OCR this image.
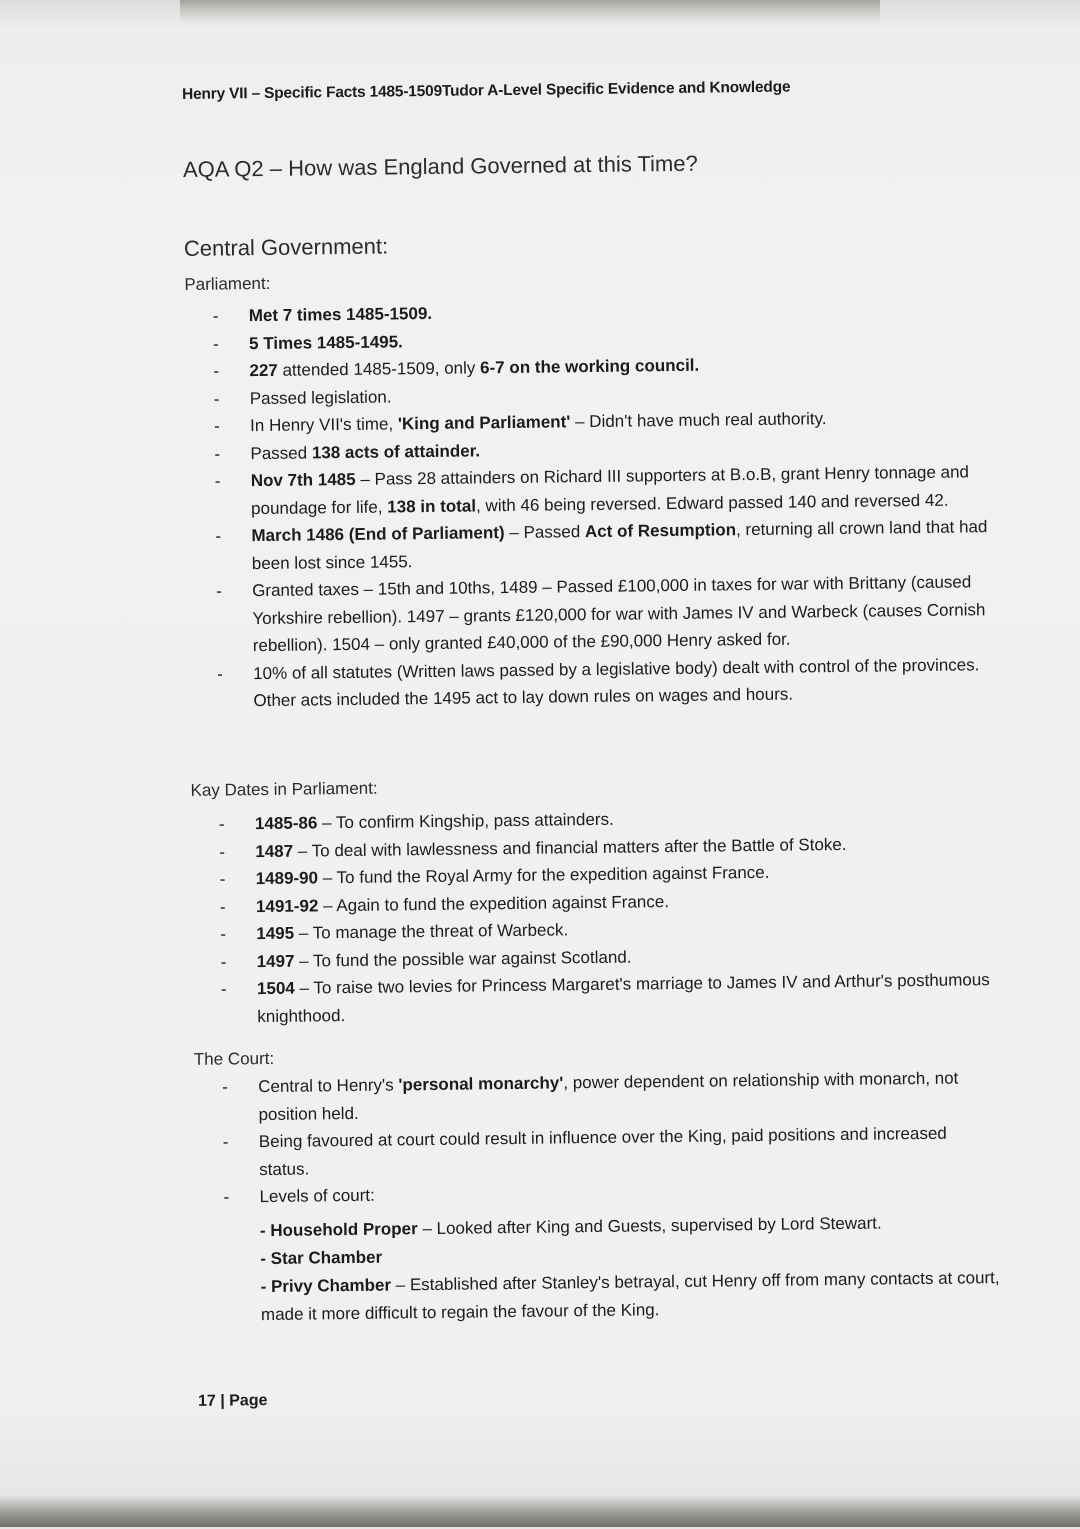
Henry VII – Specific Facts 1485-1509Tudor A-Level Specific Evidence and Knowledge
AQA Q2 – How was England Governed at this Time?
Central Government:
Parliament:
- Met 7 times 1485-1509.
- 5 Times 1485-1495.
- 227 attended 1485-1509, only 6-7 on the working council.
- Passed legislation.
- In Henry VII's time, 'King and Parliament' – Didn't have much real authority.
- Passed 138 acts of attainder.
- Nov 7th 1485 – Pass 28 attainders on Richard III supporters at B.o.B, grant Henry tonnage and poundage for life, 138 in total, with 46 being reversed. Edward passed 140 and reversed 42.
- March 1486 (End of Parliament) – Passed Act of Resumption, returning all crown land that had been lost since 1455.
- Granted taxes – 15th and 10ths, 1489 – Passed £100,000 in taxes for war with Brittany (caused Yorkshire rebellion). 1497 – grants £120,000 for war with James IV and Warbeck (causes Cornish rebellion). 1504 – only granted £40,000 of the £90,000 Henry asked for.
- 10% of all statutes (Written laws passed by a legislative body) dealt with control of the provinces. Other acts included the 1495 act to lay down rules on wages and hours.
Kay Dates in Parliament:
- 1485-86 – To confirm Kingship, pass attainders.
- 1487 – To deal with lawlessness and financial matters after the Battle of Stoke.
- 1489-90 – To fund the Royal Army for the expedition against France.
- 1491-92 – Again to fund the expedition against France.
- 1495 – To manage the threat of Warbeck.
- 1497 – To fund the possible war against Scotland.
- 1504 – To raise two levies for Princess Margaret's marriage to James IV and Arthur's posthumous knighthood.
The Court:
- Central to Henry's 'personal monarchy', power dependent on relationship with monarch, not position held.
- Being favoured at court could result in influence over the King, paid positions and increased status.
- Levels of court:
- Household Proper – Looked after King and Guests, supervised by Lord Stewart.
- Star Chamber
- Privy Chamber – Established after Stanley's betrayal, cut Henry off from many contacts at court, made it more difficult to regain the favour of the King.
17 | Page
